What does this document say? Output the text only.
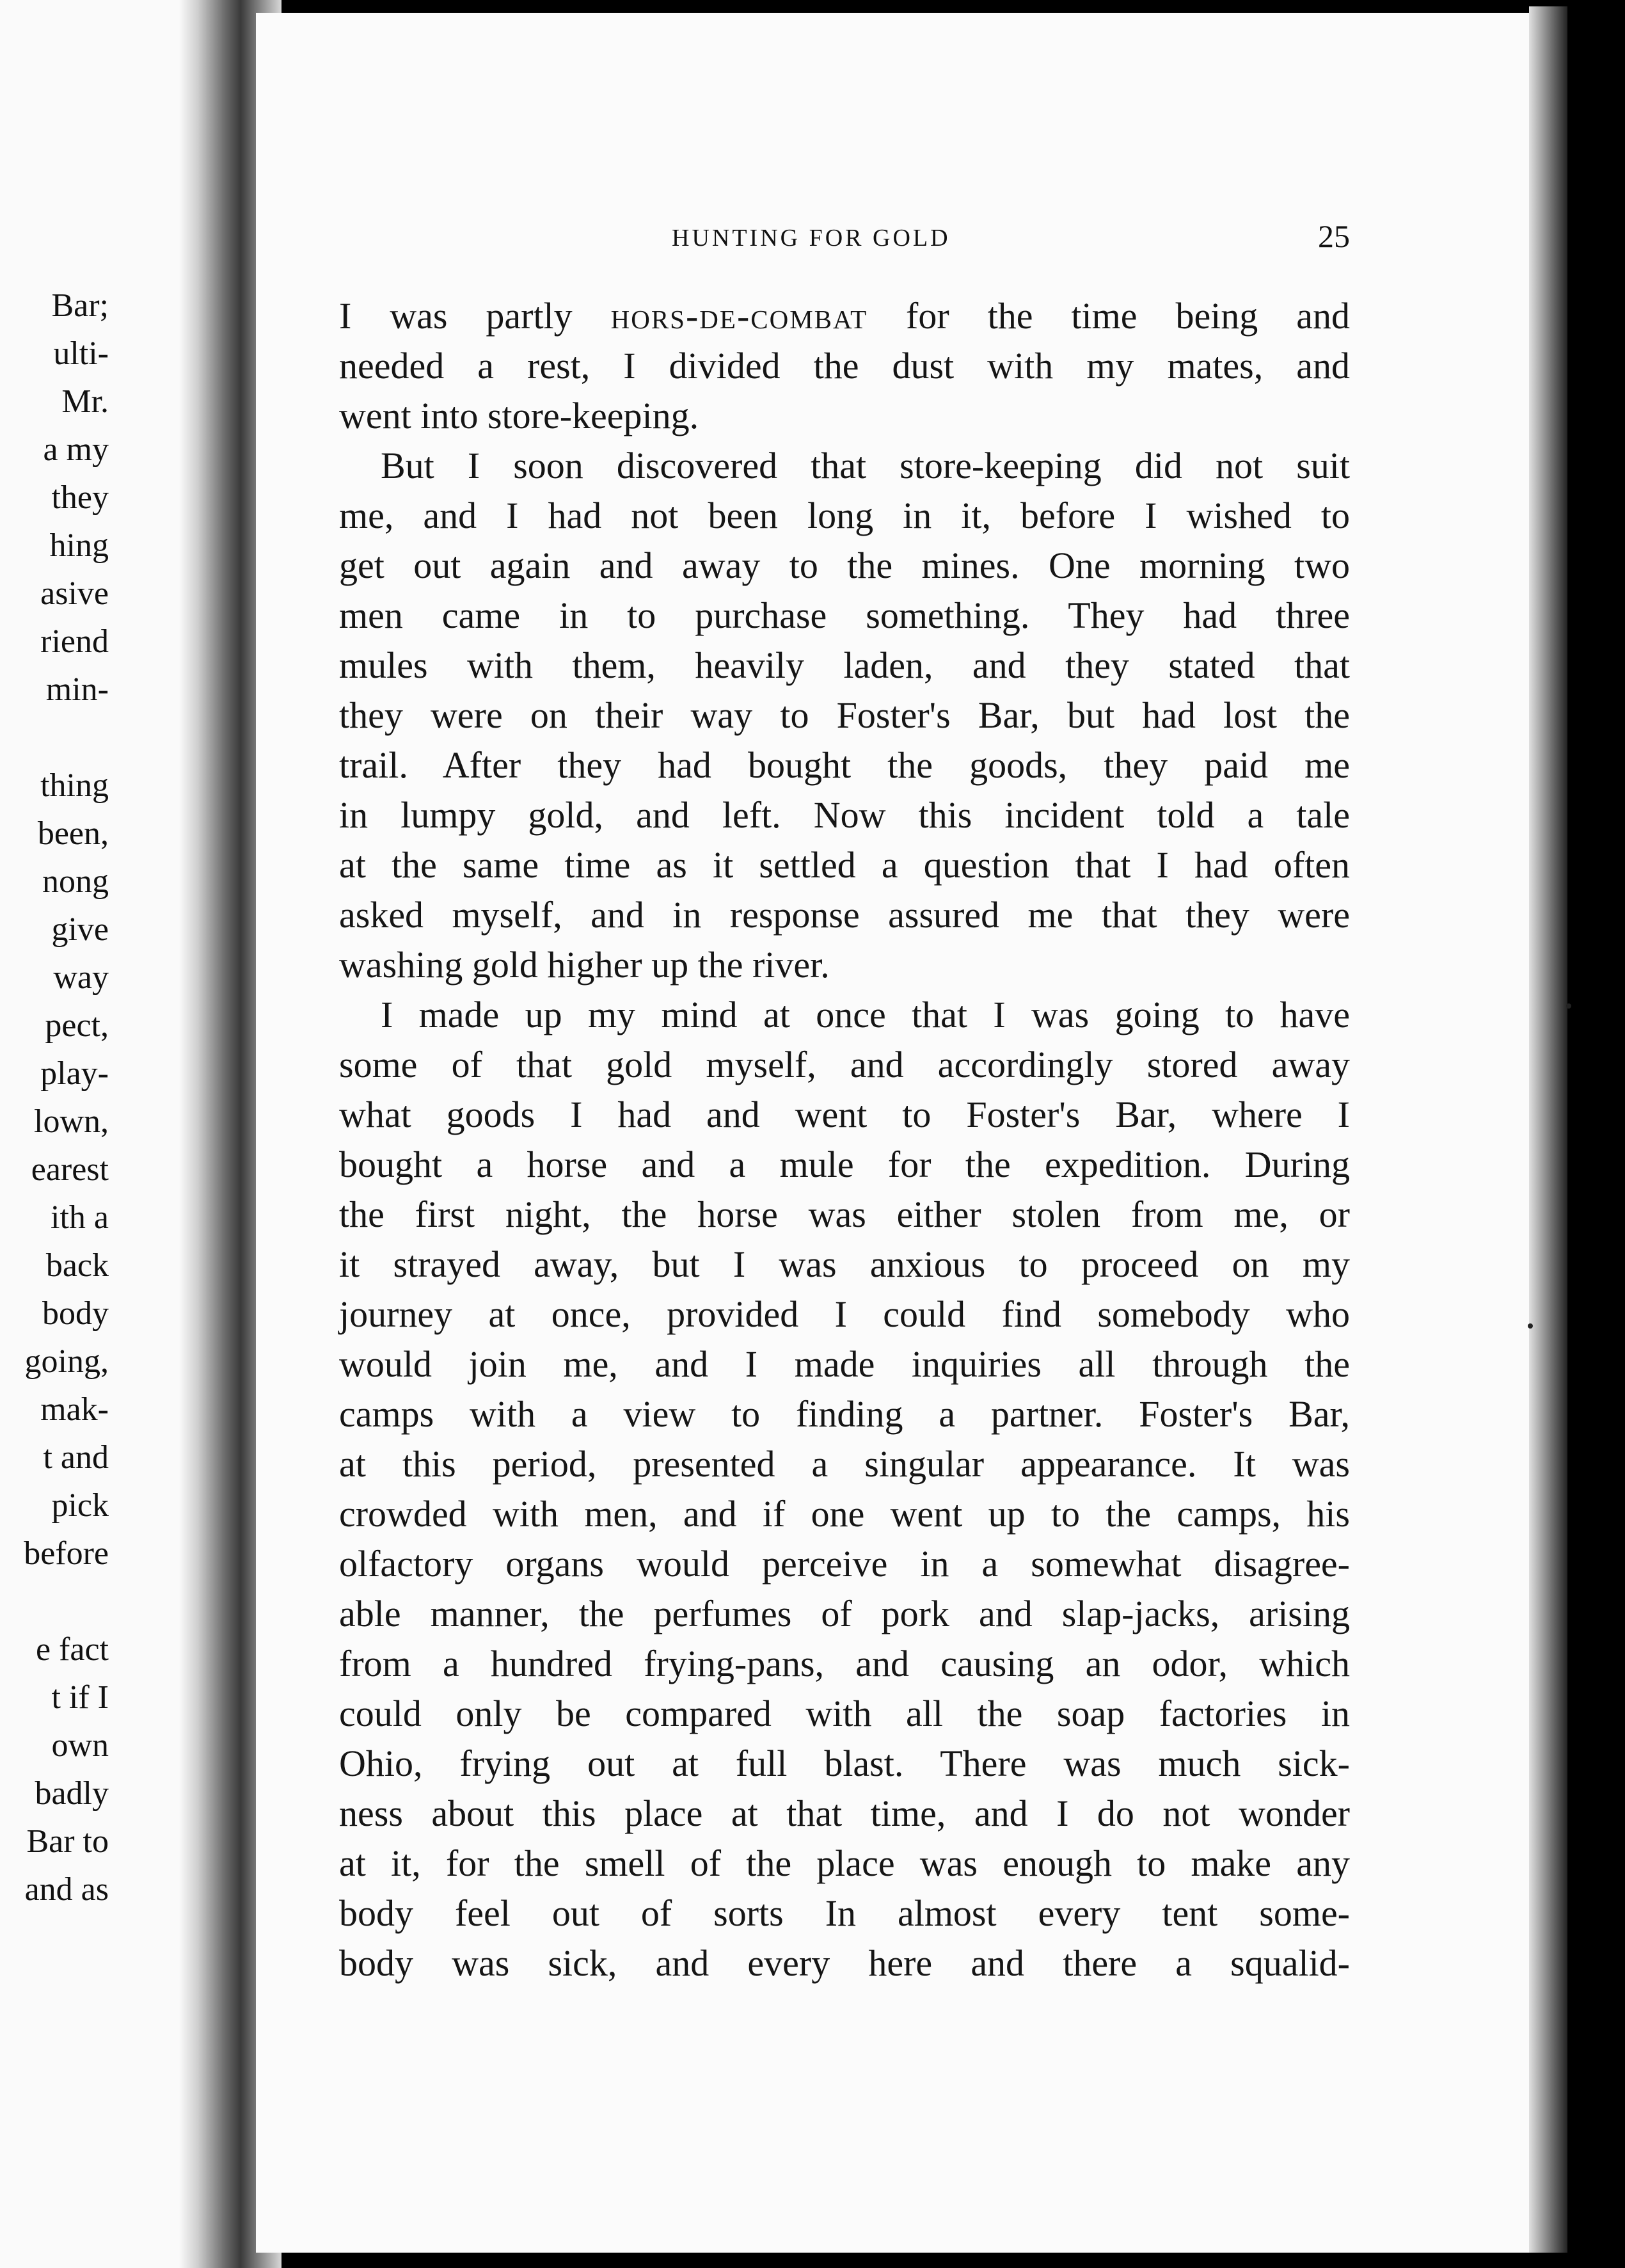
Bar;
ulti-
Mr.
a my
they
hing
asive
riend
min-
thing
been,
nong
give
way
pect,
play-
lown,
earest
ith a
back
body
going,
mak-
t and
pick
before
e fact
t if I
own
badly
Bar to
and as
HUNTING FOR GOLD	25
I was partly hors-de-combat for the time being and
needed a rest, I divided the dust with my mates, and
went into store-keeping.
But I soon discovered that store-keeping did not suit
me, and I had not been long in it, before I wished to
get out again and away to the mines. One morning two
men came in to purchase something. They had three
mules with them, heavily laden, and they stated that
they were on their way to Foster's Bar, but had lost the
trail. After they had bought the goods, they paid me
in lumpy gold, and left. Now this incident told a tale
at the same time as it settled a question that I had often
asked myself, and in response assured me that they were
washing gold higher up the river.
I made up my mind at once that I was going to have
some of that gold myself, and accordingly stored away
what goods I had and went to Foster's Bar, where I
bought a horse and a mule for the expedition. During
the first night, the horse was either stolen from me, or
it strayed away, but I was anxious to proceed on my
journey at once, provided I could find somebody who
would join me, and I made inquiries all through the
camps with a view to finding a partner. Foster's Bar,
at this period, presented a singular appearance. It was
crowded with men, and if one went up to the camps, his
olfactory organs would perceive in a somewhat disagree-
able manner, the perfumes of pork and slap-jacks, arising
from a hundred frying-pans, and causing an odor, which
could only be compared with all the soap factories in
Ohio, frying out at full blast. There was much sick-
ness about this place at that time, and I do not wonder
at it, for the smell of the place was enough to make any
body feel out of sorts In almost every tent some-
body was sick, and every here and there a squalid-
